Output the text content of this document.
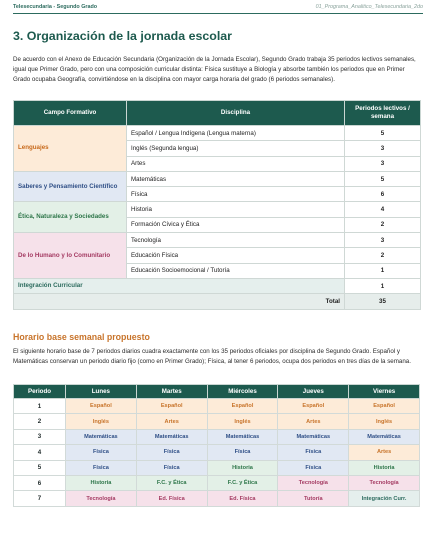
Telesecundaria - Segundo Grado	01_Programa_Analitico_Telesecundaria_2do
3. Organización de la jornada escolar
De acuerdo con el Anexo de Educación Secundaria (Organización de la Jornada Escolar), Segundo Grado trabaja 35 periodos lectivos semanales, igual que Primer Grado, pero con una composición curricular distinta: Física sustituye a Biología y absorbe también los periodos que en Primer Grado ocupaba Geografía, convirtiéndose en la disciplina con mayor carga horaria del grado (6 periodos semanales).
Campo Formativo	Disciplina	Periodos lectivos / semana
Lenguajes	Español / Lengua Indígena (Lengua materna)	5
	Inglés (Segunda lengua)	3
	Artes	3
Saberes y Pensamiento Científico	Matemáticas	5
	Física	6
Ética, Naturaleza y Sociedades	Historia	4
	Formación Cívica y Ética	2
De lo Humano y lo Comunitario	Tecnología	3
	Educación Física	2
	Educación Socioemocional / Tutoría	1
Integración Curricular		1
Total		35
Horario base semanal propuesto
El siguiente horario base de 7 periodos diarios cuadra exactamente con los 35 periodos oficiales por disciplina de Segundo Grado. Español y Matemáticas conservan un periodo diario fijo (como en Primer Grado); Física, al tener 6 periodos, ocupa dos periodos en tres días de la semana.
Periodo	Lunes	Martes	Miércoles	Jueves	Viernes
1	Español	Español	Español	Español	Español
2	Inglés	Artes	Inglés	Artes	Inglés
3	Matemáticas	Matemáticas	Matemáticas	Matemáticas	Matemáticas
4	Física	Física	Física	Física	Artes
5	Física	Física	Historia	Física	Historia
6	Historia	F.C. y Ética	F.C. y Ética	Tecnología	Tecnología
7	Tecnología	Ed. Física	Ed. Física	Tutoría	Integración Curr.
